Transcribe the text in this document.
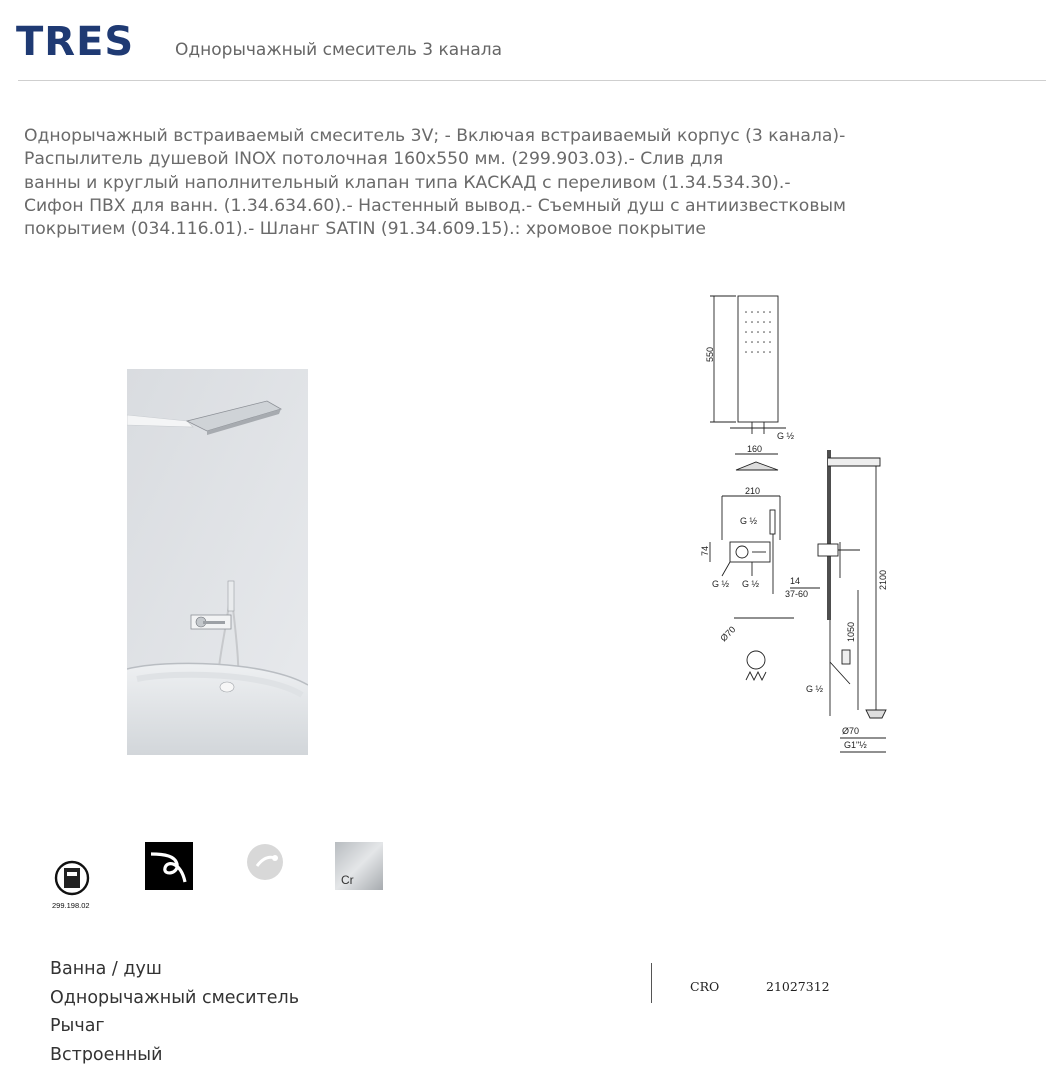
TRES Однорычажный смеситель 3 канала
Однорычажный встраиваемый смеситель 3V; - Включая встраиваемый корпус (3 канала)-
Распылитель душевой INOX потолочная 160x550 мм. (299.903.03).- Слив для
ванны и круглый наполнительный клапан типа КАСКАД с переливом (1.34.534.30).-
Сифон ПВХ для ванн. (1.34.634.60).- Настенный вывод.- Съемный душ с антиизвестковым
покрытием (034.116.01).- Шланг SATIN (91.34.609.15).: хромовое покрытие
550
G ½
160
210
G ½
74
G ½ G ½	14
37-60
2100
1050
Ø70
G ½
Ø70
G1"½
299.198.02
Cr
Ванна / душ
Однорычажный смеситель
Рычаг
Встроенный
CRO	21027312
